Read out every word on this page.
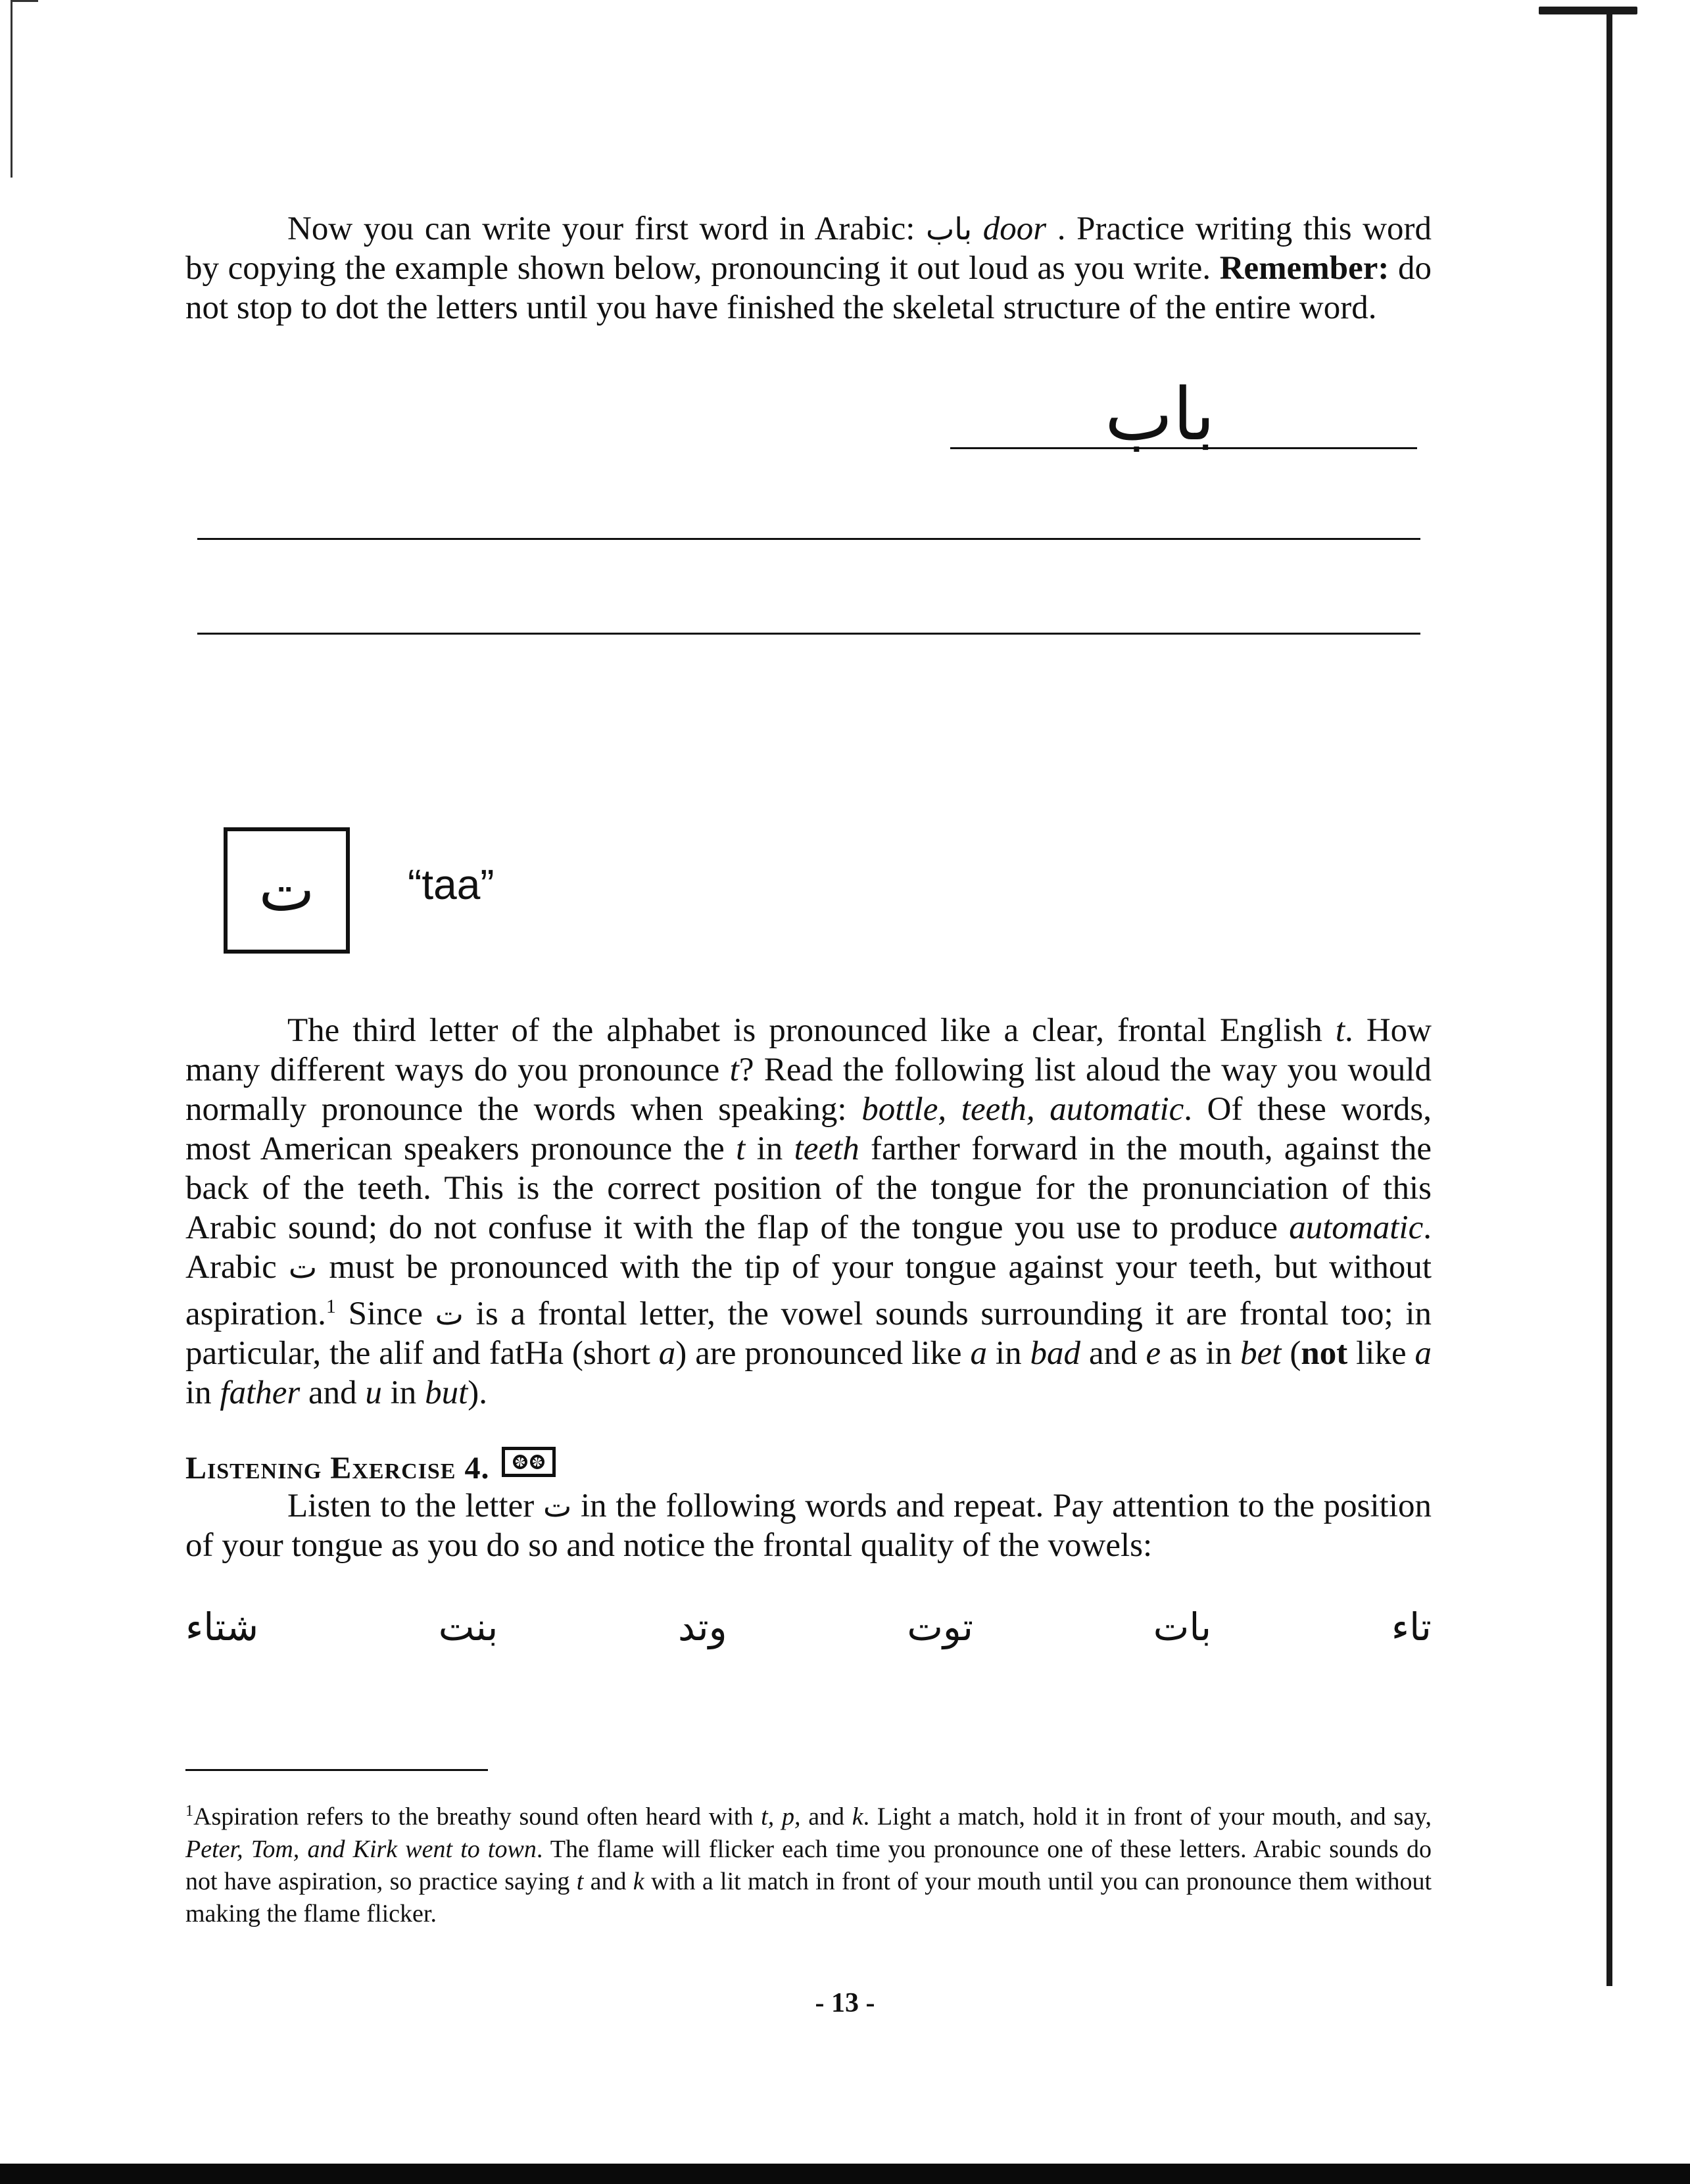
Now you can write your first word in Arabic: باب door . Practice writing this word by copying the example shown below, pronouncing it out loud as you write. Remember: do not stop to dot the letters until you have finished the skeletal structure of the entire word.

باب
ت “taa”

The third letter of the alphabet is pronounced like a clear, frontal English t. How many different ways do you pronounce t? Read the following list aloud the way you would normally pronounce the words when speaking: bottle, teeth, automatic. Of these words, most American speakers pronounce the t in teeth farther forward in the mouth, against the back of the teeth. This is the correct position of the tongue for the pronunciation of this Arabic sound; do not confuse it with the flap of the tongue you use to produce automatic. Arabic ت must be pronounced with the tip of your tongue against your teeth, but without aspiration.$^1$ Since ت is a frontal letter, the vowel sounds surrounding it are frontal too; in particular, the alif and fatHa (short a) are pronounced like a in bad and e as in bet (not like a in father and u in but).

Listening Exercise 4.

Listen to the letter ت in the following words and repeat. Pay attention to the position of your tongue as you do so and notice the frontal quality of the vowels:

تاء
بات
توت
وتد
بنت
شتاء
$^1$Aspiration refers to the breathy sound often heard with t, p, and k. Light a match, hold it in front of your mouth, and say, Peter, Tom, and Kirk went to town. The flame will flicker each time you pronounce one of these letters. Arabic sounds do not have aspiration, so practice saying t and k with a lit match in front of your mouth until you can pronounce them without making the flame flicker.
- 13 -
